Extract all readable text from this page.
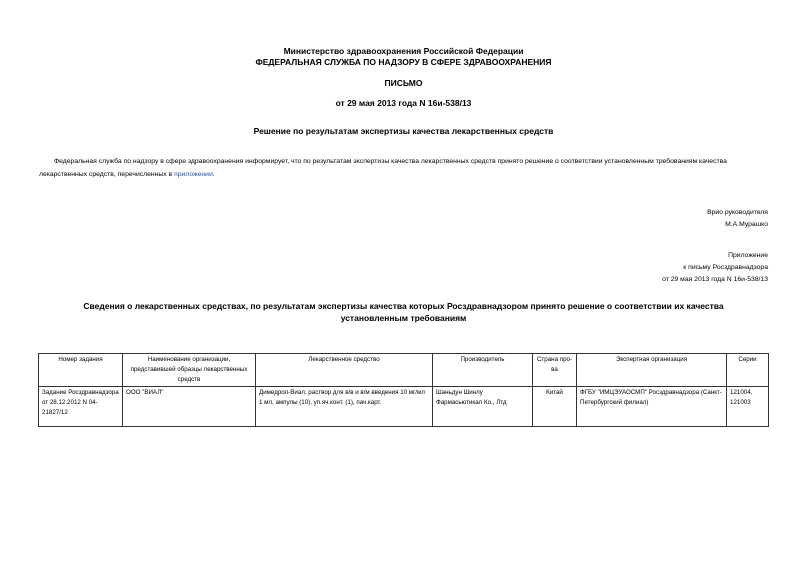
Министерство здравоохранения Российской Федерации
ФЕДЕРАЛЬНАЯ СЛУЖБА ПО НАДЗОРУ В СФЕРЕ ЗДРАВООХРАНЕНИЯ
ПИСЬМО
от 29 мая 2013 года N 16и-538/13
Решение по результатам экспертизы качества лекарственных средств
Федеральная служба по надзору в сфере здравоохранения информирует, что по результатам экспертизы качества лекарственных средств принято решение о соответствии установленным требованиям качества лекарственных средств, перечисленных в приложении.
Врио руководителя
М.А.Мурашко
Приложение
к письму Росздравнадзора
от 29 мая 2013 года N 16и-538/13
Сведения о лекарственных средствах, по результатам экспертизы качества которых Росздравнадзором принято решение о соответствии их качества установленным требованиям
Номер задания	Наименование организации, представившей образцы лекарственных средств	Лекарственное средство	Производитель	Страна про-ва	Экспертная организация	Серии
Задание Росздравнадзора от 28.12.2012 N 04-21827/12	ООО "ВИАЛ"	Димедрол-Виал, раствор для в/в и в/м введения 10 мг/мл 1 мл, ампулы (10), уп.яч.конт. (1), пач.карт.	Шаньдун Шинлу Фармасьютикал Ко., Лтд	Китай	ФГБУ "ИМЦЭУАОСМП" Росздравнадзора (Санкт-Петербургский филиал)	121004, 121003
